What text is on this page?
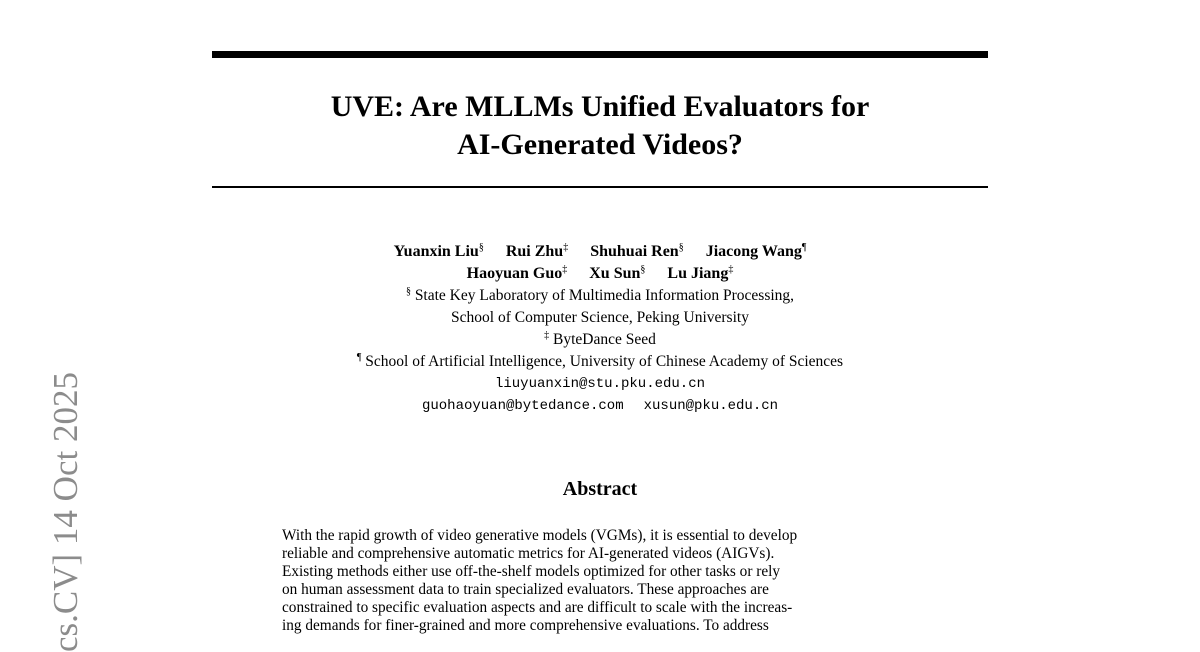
UVE: Are MLLMs Unified Evaluators for
AI-Generated Videos?
cs.CV] 14 Oct 2025
Yuanxin Liu§ Rui Zhu‡ Shuhuai Ren§ Jiacong Wang¶
Haoyuan Guo‡ Xu Sun§ Lu Jiang‡
§ State Key Laboratory of Multimedia Information Processing,
School of Computer Science, Peking University
‡ ByteDance Seed
¶ School of Artificial Intelligence, University of Chinese Academy of Sciences
liuyuanxin@stu.pku.edu.cn
guohaoyuan@bytedance.com xusun@pku.edu.cn
Abstract
With the rapid growth of video generative models (VGMs), it is essential to develop
reliable and comprehensive automatic metrics for AI-generated videos (AIGVs).
Existing methods either use off-the-shelf models optimized for other tasks or rely
on human assessment data to train specialized evaluators. These approaches are
constrained to specific evaluation aspects and are difficult to scale with the increas-
ing demands for finer-grained and more comprehensive evaluations. To address
